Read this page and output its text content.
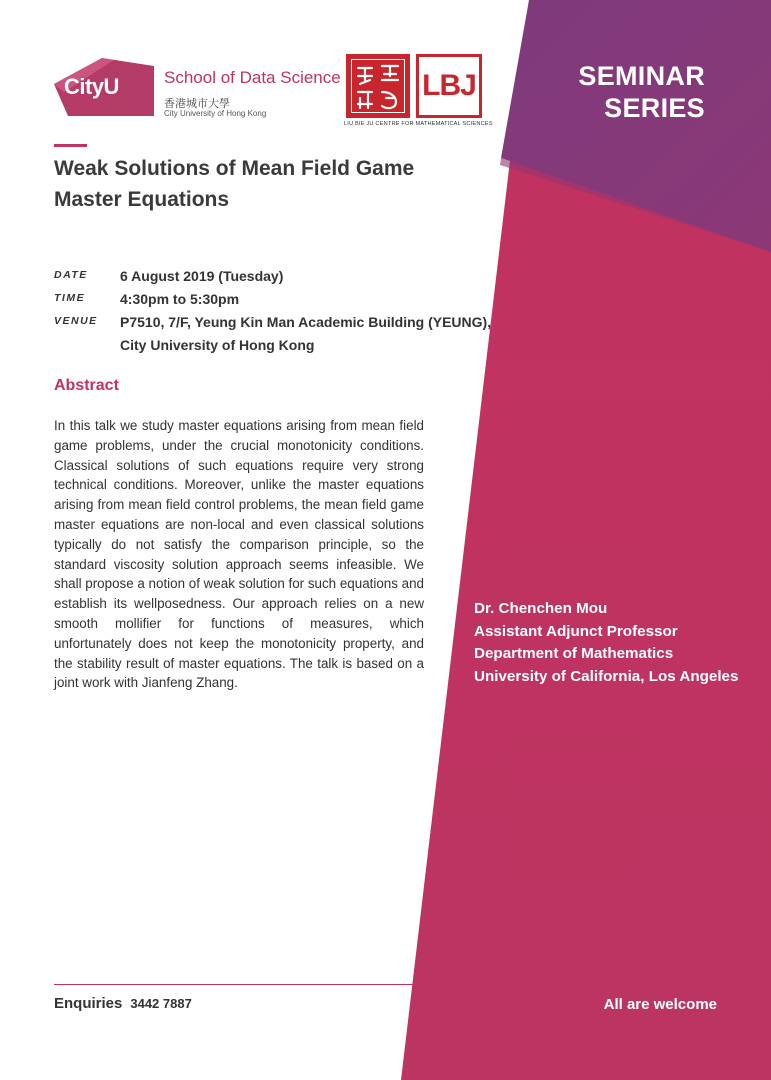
CityU	School of Data Science
香港城市大學
City University of Hong Kong
LBJ
LIU BIE JU CENTRE FOR MATHEMATICAL SCIENCES
SEMINAR
SERIES
Weak Solutions of Mean Field Game Master Equations
DATE 6 August 2019 (Tuesday)
TIME 4:30pm to 5:30pm
VENUE P7510, 7/F, Yeung Kin Man Academic Building (YEUNG),
City University of Hong Kong
Abstract
In this talk we study master equations arising from mean field game problems, under the crucial monotonicity conditions. Classical solutions of such equations require very strong technical conditions. Moreover, unlike the master equations arising from mean field control problems, the mean field game master equations are non-local and even classical solutions typically do not satisfy the comparison principle, so the standard viscosity solution approach seems infeasible. We shall propose a notion of weak solution for such equations and establish its wellposedness. Our approach relies on a new smooth mollifier for functions of measures, which unfortunately does not keep the monotonicity property, and the stability result of master equations. The talk is based on a joint work with Jianfeng Zhang.
Dr. Chenchen Mou
Assistant Adjunct Professor
Department of Mathematics
University of California, Los Angeles
Enquiries 3442 7887	All are welcome
